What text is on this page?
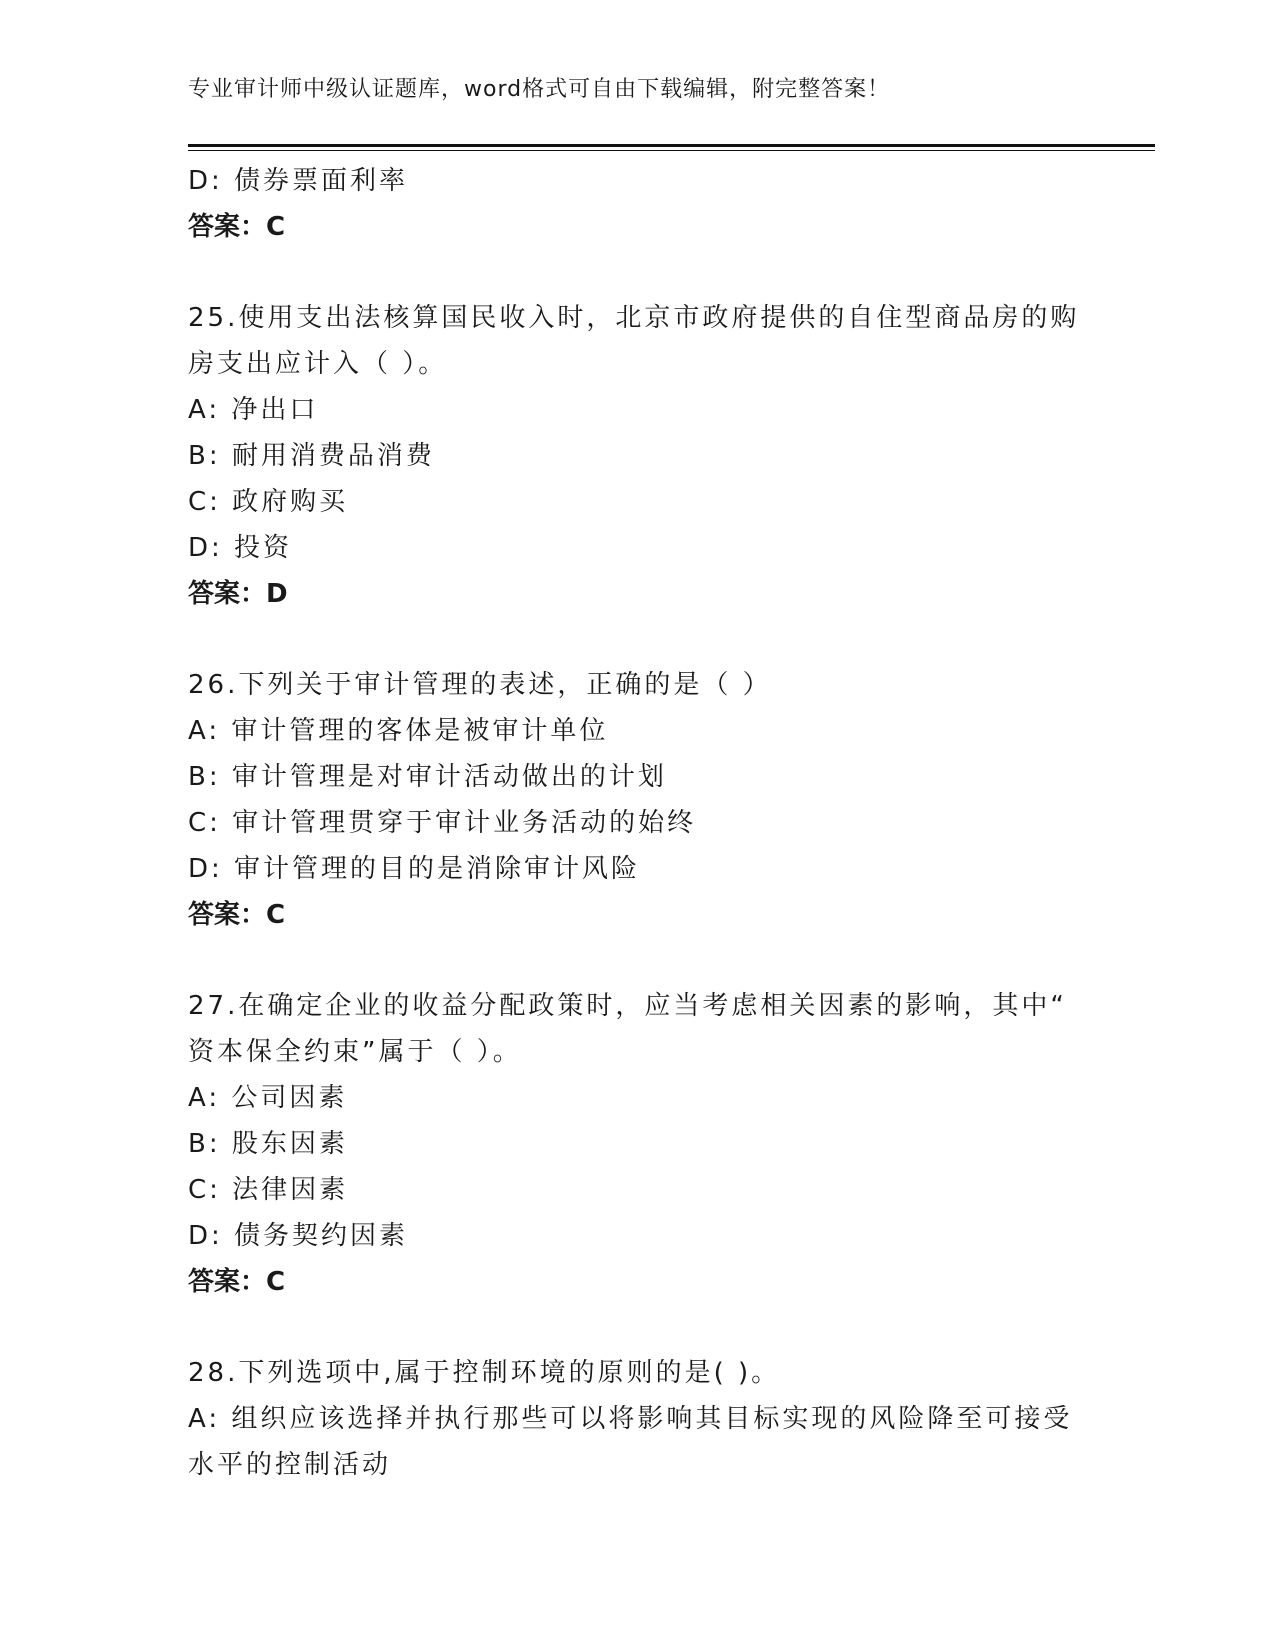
专业审计师中级认证题库，word格式可自由下载编辑，附完整答案！
D: 债券票面利率
答案：C
25.使用支出法核算国民收入时，北京市政府提供的自住型商品房的购
房支出应计入（ ）。
A: 净出口
B: 耐用消费品消费
C: 政府购买
D: 投资
答案：D
26.下列关于审计管理的表述，正确的是（ ）
A: 审计管理的客体是被审计单位
B: 审计管理是对审计活动做出的计划
C: 审计管理贯穿于审计业务活动的始终
D: 审计管理的目的是消除审计风险
答案：C
27.在确定企业的收益分配政策时，应当考虑相关因素的影响，其中“
资本保全约束”属于（ ）。
A: 公司因素
B: 股东因素
C: 法律因素
D: 债务契约因素
答案：C
28.下列选项中,属于控制环境的原则的是( )。
A: 组织应该选择并执行那些可以将影响其目标实现的风险降至可接受
水平的控制活动
